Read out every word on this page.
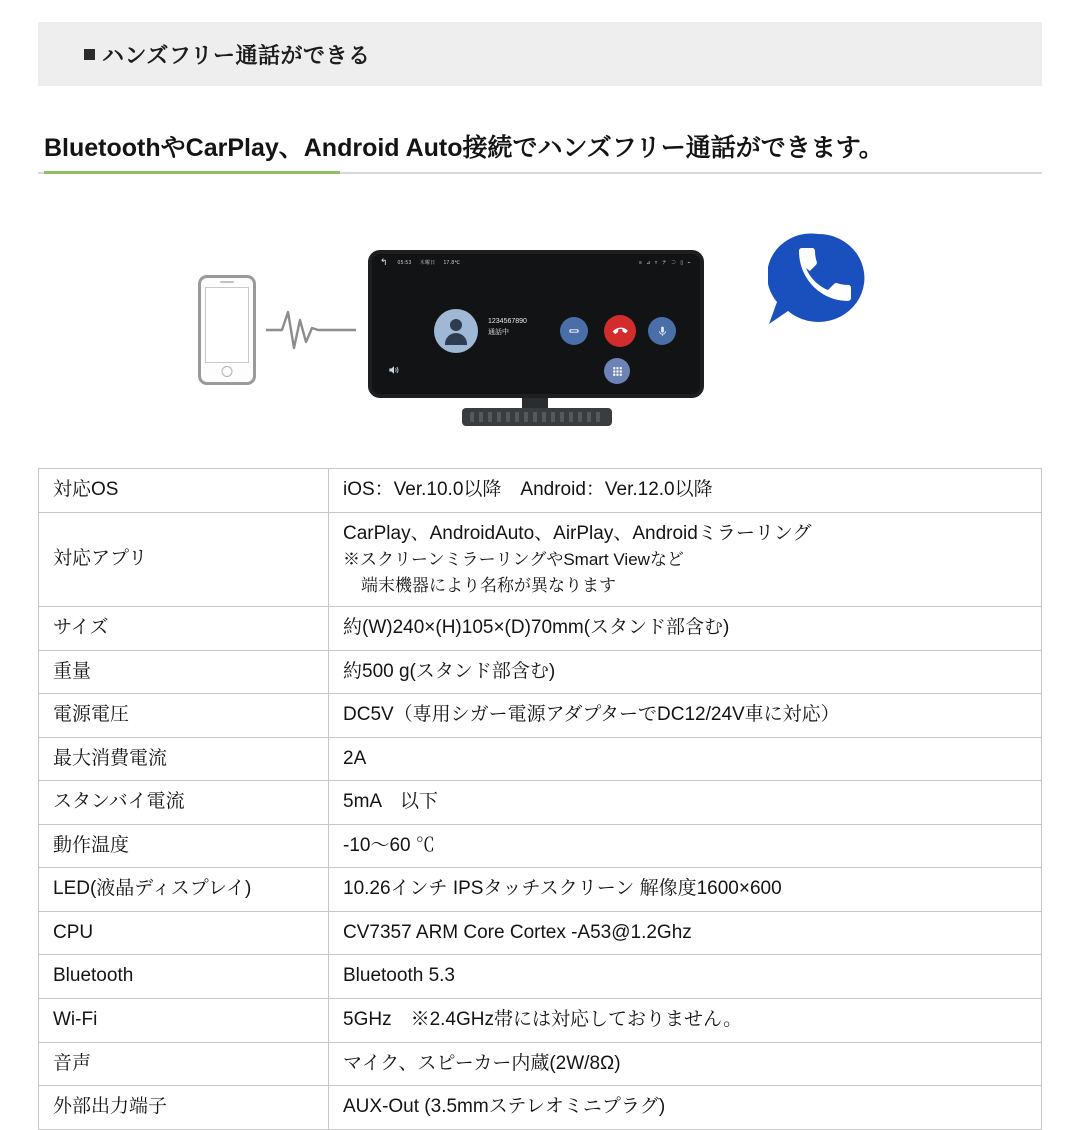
ハンズフリー通話ができる
BluetoothやCarPlay、Android Auto接続でハンズフリー通話ができます。
↰ 05:53 木曜日 17.8℃	≡ ⊿ ᴛ テ ⊃ ▯ ⌁
1234567890
通話中
対応OS	iOS：Ver.10.0以降　Android：Ver.12.0以降
対応アプリ	CarPlay、AndroidAuto、AirPlay、Androidミラーリング
※スクリーンミラーリングやSmart Viewなど
端末機器により名称が異なります

サイズ	約(W)240×(H)105×(D)70mm(スタンド部含む)
重量	約500 g(スタンド部含む)
電源電圧	DC5V（専用シガー電源アダプターでDC12/24V車に対応）
最大消費電流	2A
スタンバイ電流	5mA　以下
動作温度	-10〜60 ℃
LED(液晶ディスプレイ)	10.26インチ IPSタッチスクリーン 解像度1600×600
CPU	CV7357 ARM Core Cortex -A53@1.2Ghz
Bluetooth	Bluetooth 5.3
Wi-Fi	5GHz　※2.4GHz帯には対応しておりません。
音声	マイク、スピーカー内蔵(2W/8Ω)
外部出力端子	AUX-Out (3.5mmステレオミニプラグ)
